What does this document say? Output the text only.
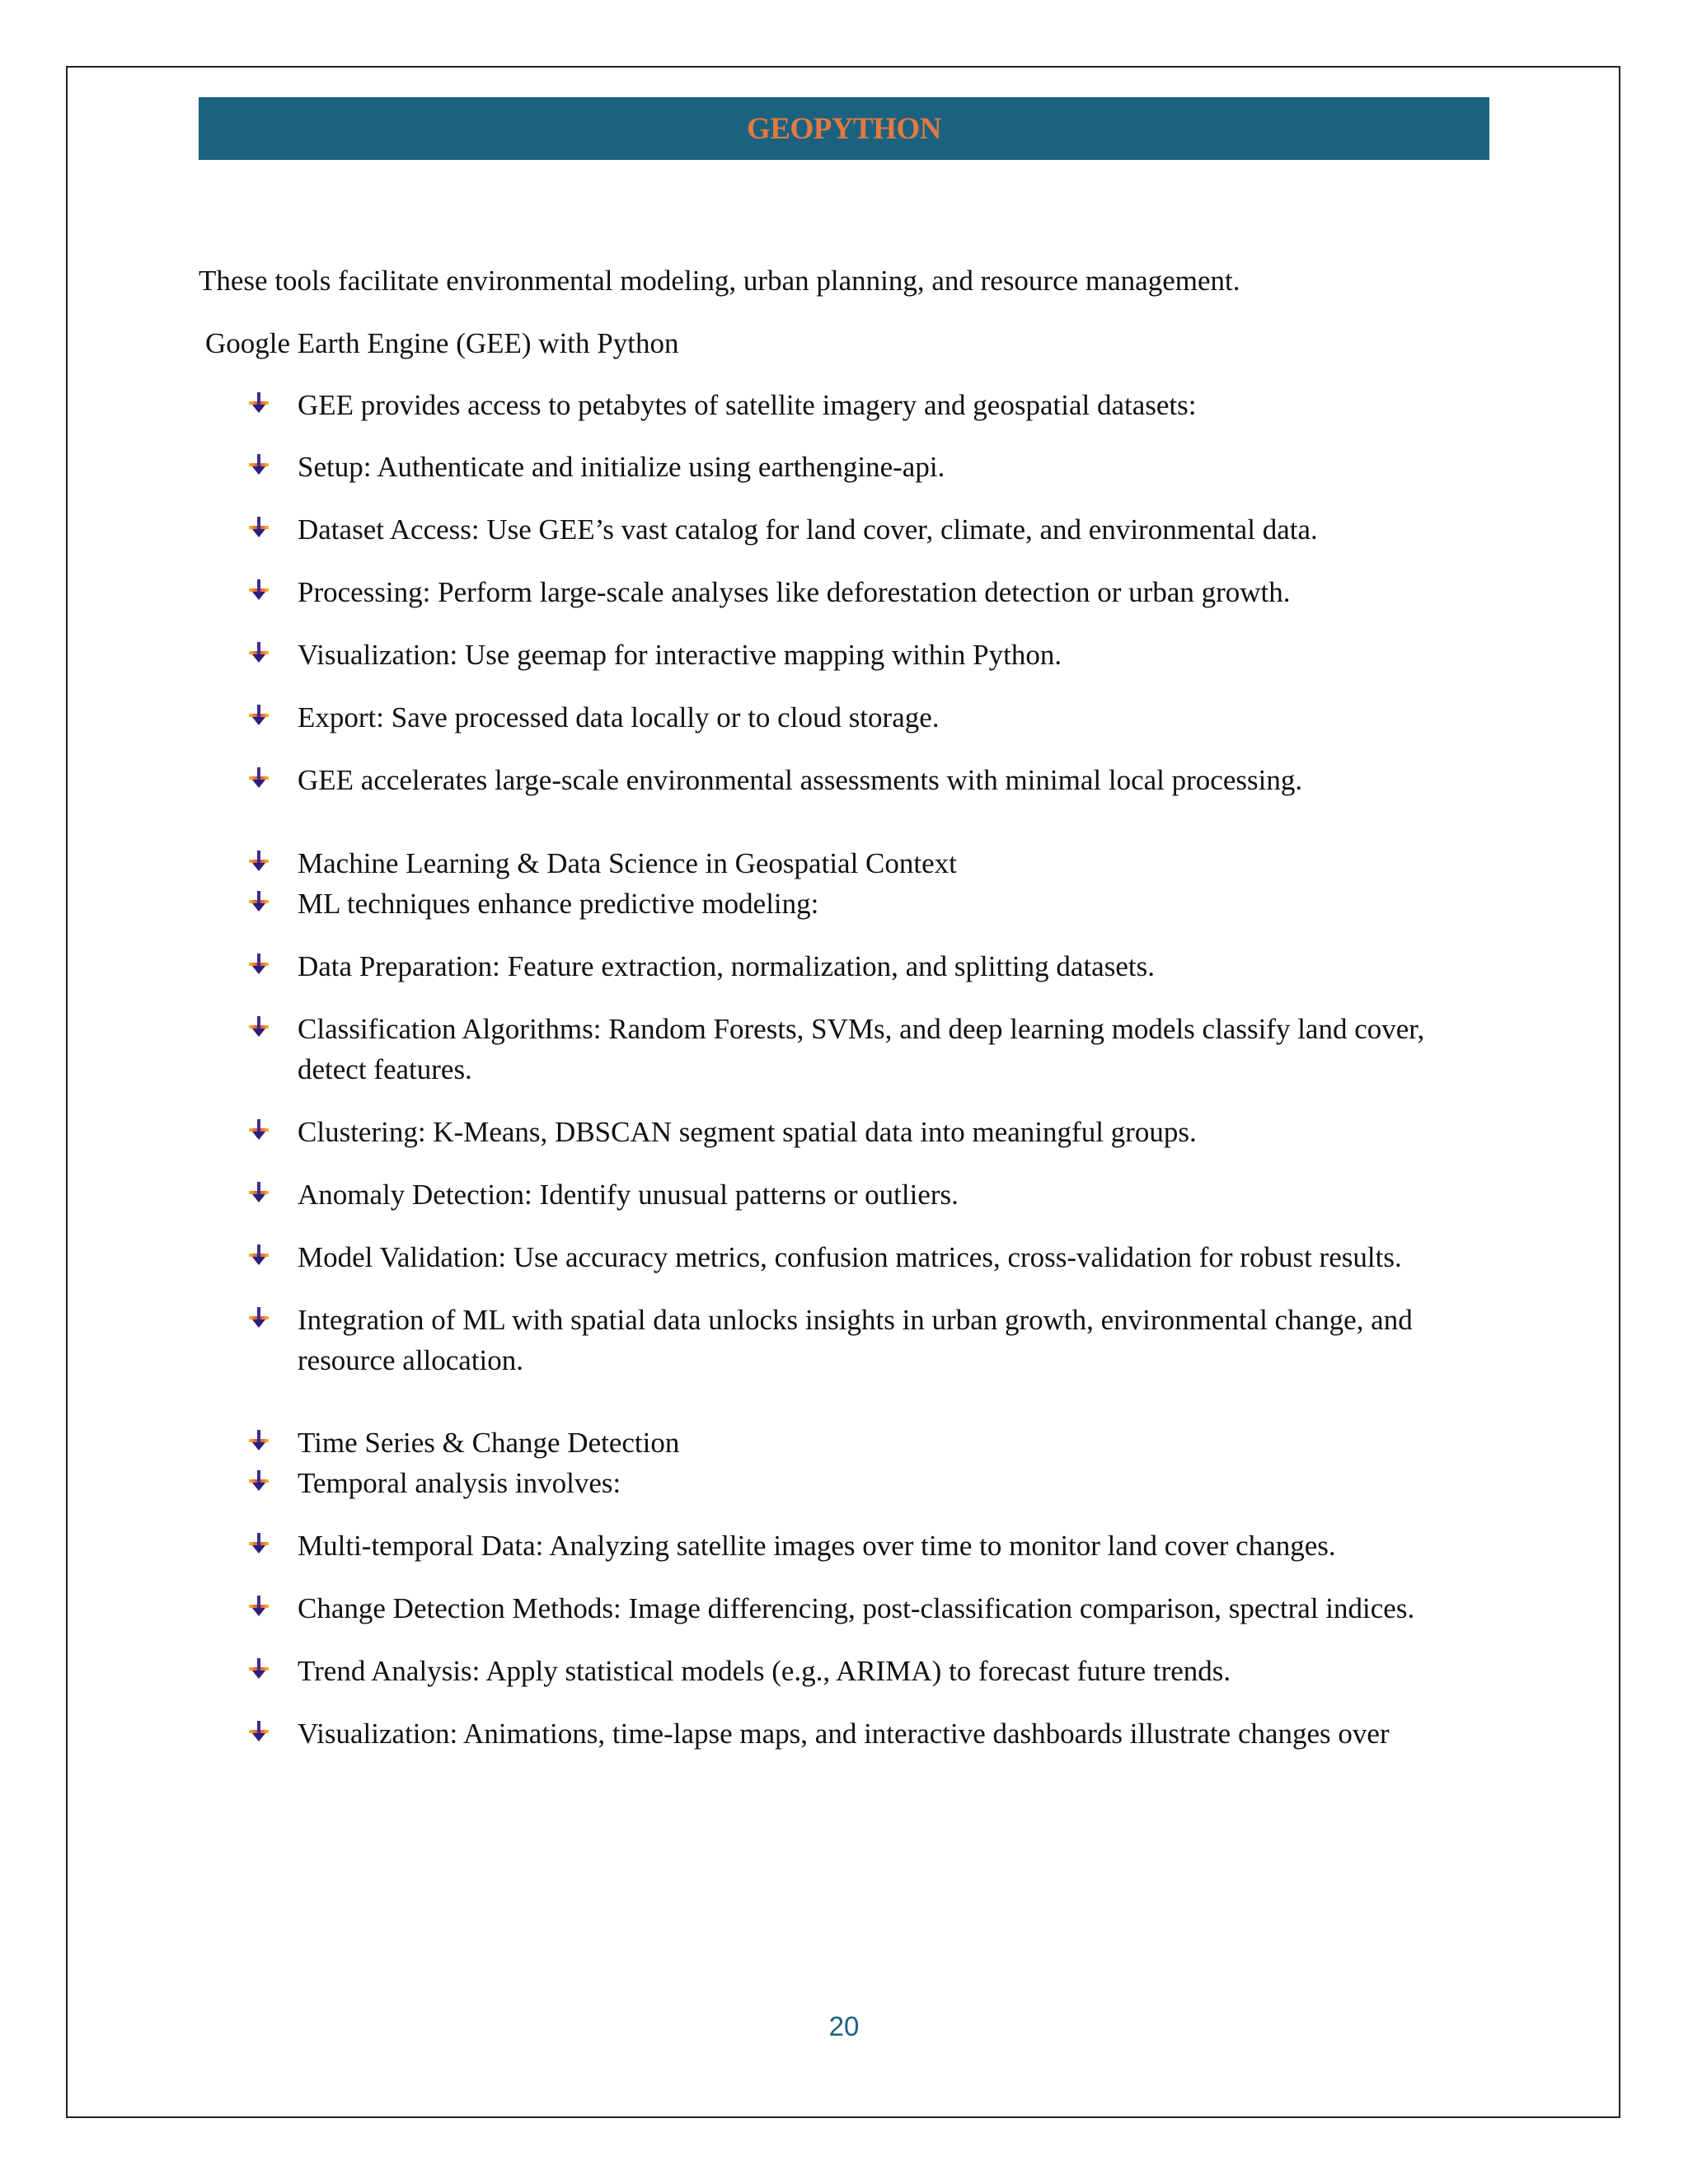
GEOPYTHON
These tools facilitate environmental modeling, urban planning, and resource management.
Google Earth Engine (GEE) with Python
GEE provides access to petabytes of satellite imagery and geospatial datasets:
Setup: Authenticate and initialize using earthengine-api.
Dataset Access: Use GEE’s vast catalog for land cover, climate, and environmental data.
Processing: Perform large-scale analyses like deforestation detection or urban growth.
Visualization: Use geemap for interactive mapping within Python.
Export: Save processed data locally or to cloud storage.
GEE accelerates large-scale environmental assessments with minimal local processing.
Machine Learning & Data Science in Geospatial Context
ML techniques enhance predictive modeling:
Data Preparation: Feature extraction, normalization, and splitting datasets.
Classification Algorithms: Random Forests, SVMs, and deep learning models classify land cover, detect features.
Clustering: K-Means, DBSCAN segment spatial data into meaningful groups.
Anomaly Detection: Identify unusual patterns or outliers.
Model Validation: Use accuracy metrics, confusion matrices, cross-validation for robust results.
Integration of ML with spatial data unlocks insights in urban growth, environmental change, and resource allocation.
Time Series & Change Detection
Temporal analysis involves:
Multi-temporal Data: Analyzing satellite images over time to monitor land cover changes.
Change Detection Methods: Image differencing, post-classification comparison, spectral indices.
Trend Analysis: Apply statistical models (e.g., ARIMA) to forecast future trends.
Visualization: Animations, time-lapse maps, and interactive dashboards illustrate changes over
20
